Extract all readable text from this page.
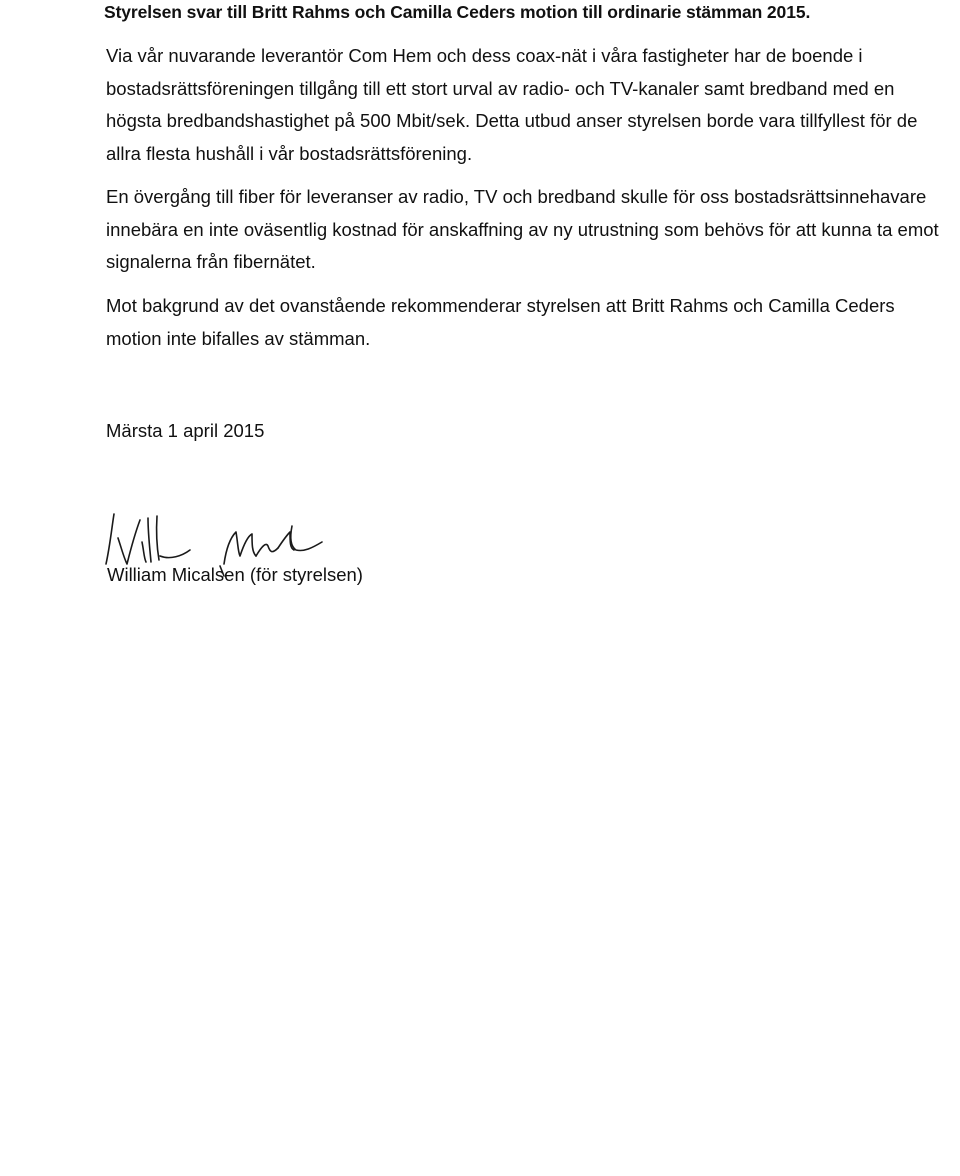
Styrelsen svar till Britt Rahms och Camilla Ceders motion till ordinarie stämman 2015.

Via vår nuvarande leverantör Com Hem och dess coax-nät i våra fastigheter har de boende i bostadsrättsföreningen tillgång till ett stort urval av radio- och TV-kanaler samt bredband med en högsta bredbandshastighet på 500 Mbit/sek. Detta utbud anser styrelsen borde vara tillfyllest för de allra flesta hushåll i vår bostadsrättsförening.

En övergång till fiber för leveranser av radio, TV och bredband skulle för oss bostadsrättsinnehavare innebära en inte oväsentlig kostnad för anskaffning av ny utrustning som behövs för att kunna ta emot signalerna från fibernätet.

Mot bakgrund av det ovanstående rekommenderar styrelsen att Britt Rahms och Camilla Ceders motion inte bifalles av stämman.

Märsta 1 april 2015
William Micalsen (för styrelsen)
